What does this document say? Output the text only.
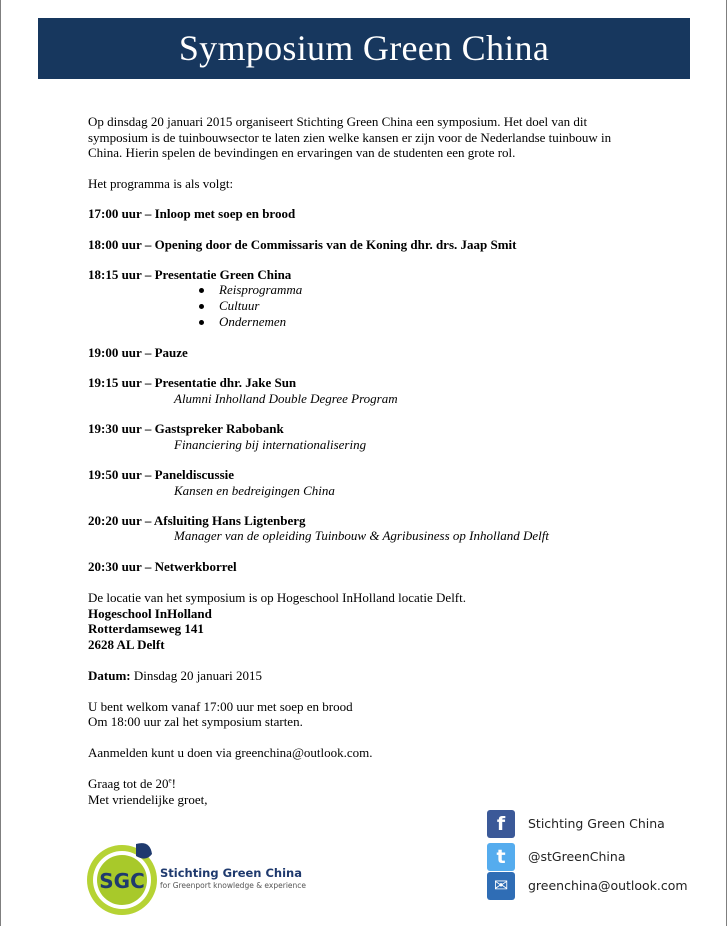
Symposium Green China

Op dinsdag 20 januari 2015 organiseert Stichting Green China een symposium. Het doel van dit symposium is de tuinbouwsector te laten zien welke kansen er zijn voor de Nederlandse tuinbouw in China. Hierin spelen de bevindingen en ervaringen van de studenten een grote rol.

Het programma is als volgt:

17:00 uur – Inloop met soep en brood
18:00 uur – Opening door de Commissaris van de Koning dhr. drs. Jaap Smit
18:15 uur – Presentatie Green China
Reisprogramma
Cultuur
Ondernemen
19:00 uur – Pauze
19:15 uur – Presentatie dhr. Jake Sun
Alumni Inholland Double Degree Program
19:30 uur – Gastspreker Rabobank
Financiering bij internationalisering
19:50 uur – Paneldiscussie
Kansen en bedreigingen China
20:20 uur – Afsluiting Hans Ligtenberg
Manager van de opleiding Tuinbouw & Agribusiness op Inholland Delft
20:30 uur – Netwerkborrel

De locatie van het symposium is op Hogeschool InHolland locatie Delft.

Hogeschool InHolland

Rotterdamseweg 141

2628 AL Delft

Datum: Dinsdag 20 januari 2015

U bent welkom vanaf 17:00 uur met soep en brood

Om 18:00 uur zal het symposium starten.

Aanmelden kunt u doen via greenchina@outlook.com.

Graag tot de 20e!

Met vriendelijke groet,

f	Stichting Green China
t	@stGreenChina
✉	greenchina@outlook.com
SGC Stichting Green China
for Greenport knowledge & experience
